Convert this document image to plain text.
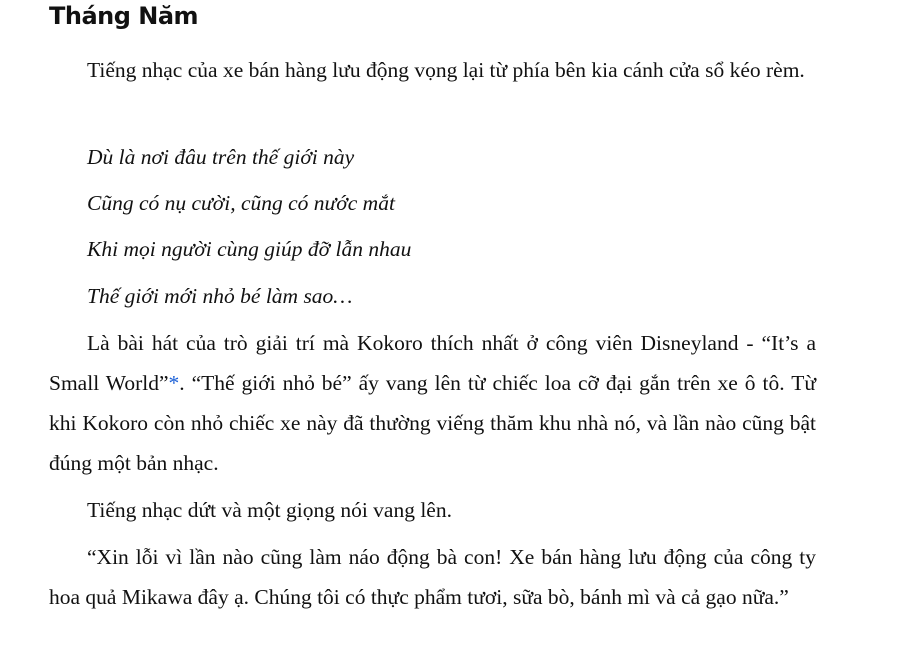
Tháng Năm

Tiếng nhạc của xe bán hàng lưu động vọng lại từ phía bên kia cánh cửa sổ kéo rèm.

Dù là nơi đâu trên thế giới này

Cũng có nụ cười, cũng có nước mắt

Khi mọi người cùng giúp đỡ lẫn nhau

Thế giới mới nhỏ bé làm sao…

Là bài hát của trò giải trí mà Kokoro thích nhất ở công viên Disneyland - “It’s a Small World”*. “Thế giới nhỏ bé” ấy vang lên từ chiếc loa cỡ đại gắn trên xe ô tô. Từ khi Kokoro còn nhỏ chiếc xe này đã thường viếng thăm khu nhà nó, và lần nào cũng bật đúng một bản nhạc.

Tiếng nhạc dứt và một giọng nói vang lên.

“Xin lỗi vì lần nào cũng làm náo động bà con! Xe bán hàng lưu động của công ty hoa quả Mikawa đây ạ. Chúng tôi có thực phẩm tươi, sữa bò, bánh mì và cả gạo nữa.”
